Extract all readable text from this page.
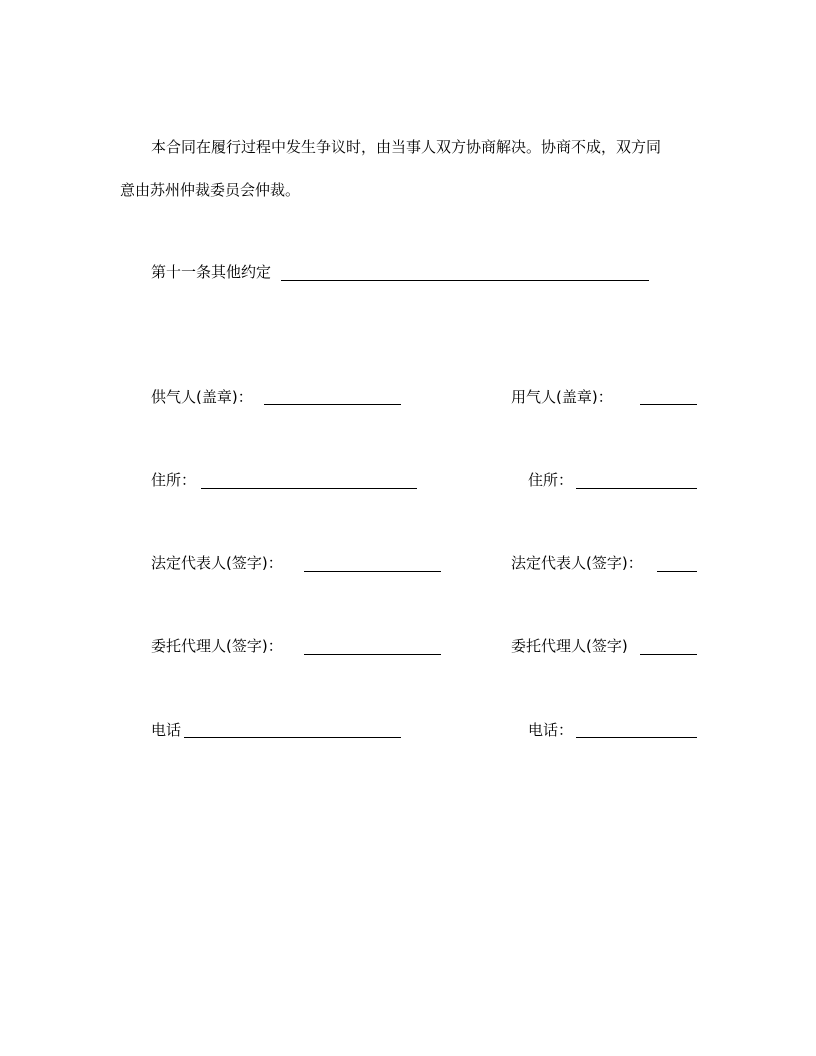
本合同在履行过程中发生争议时，由当事人双方协商解决。协商不成，双方同
意由苏州仲裁委员会仲裁。
第十一条其他约定
供气人(盖章)：	用气人(盖章)：
住所：	住所：
法定代表人(签字)：	法定代表人(签字)：
委托代理人(签字)：	委托代理人(签字)
电话	电话：
